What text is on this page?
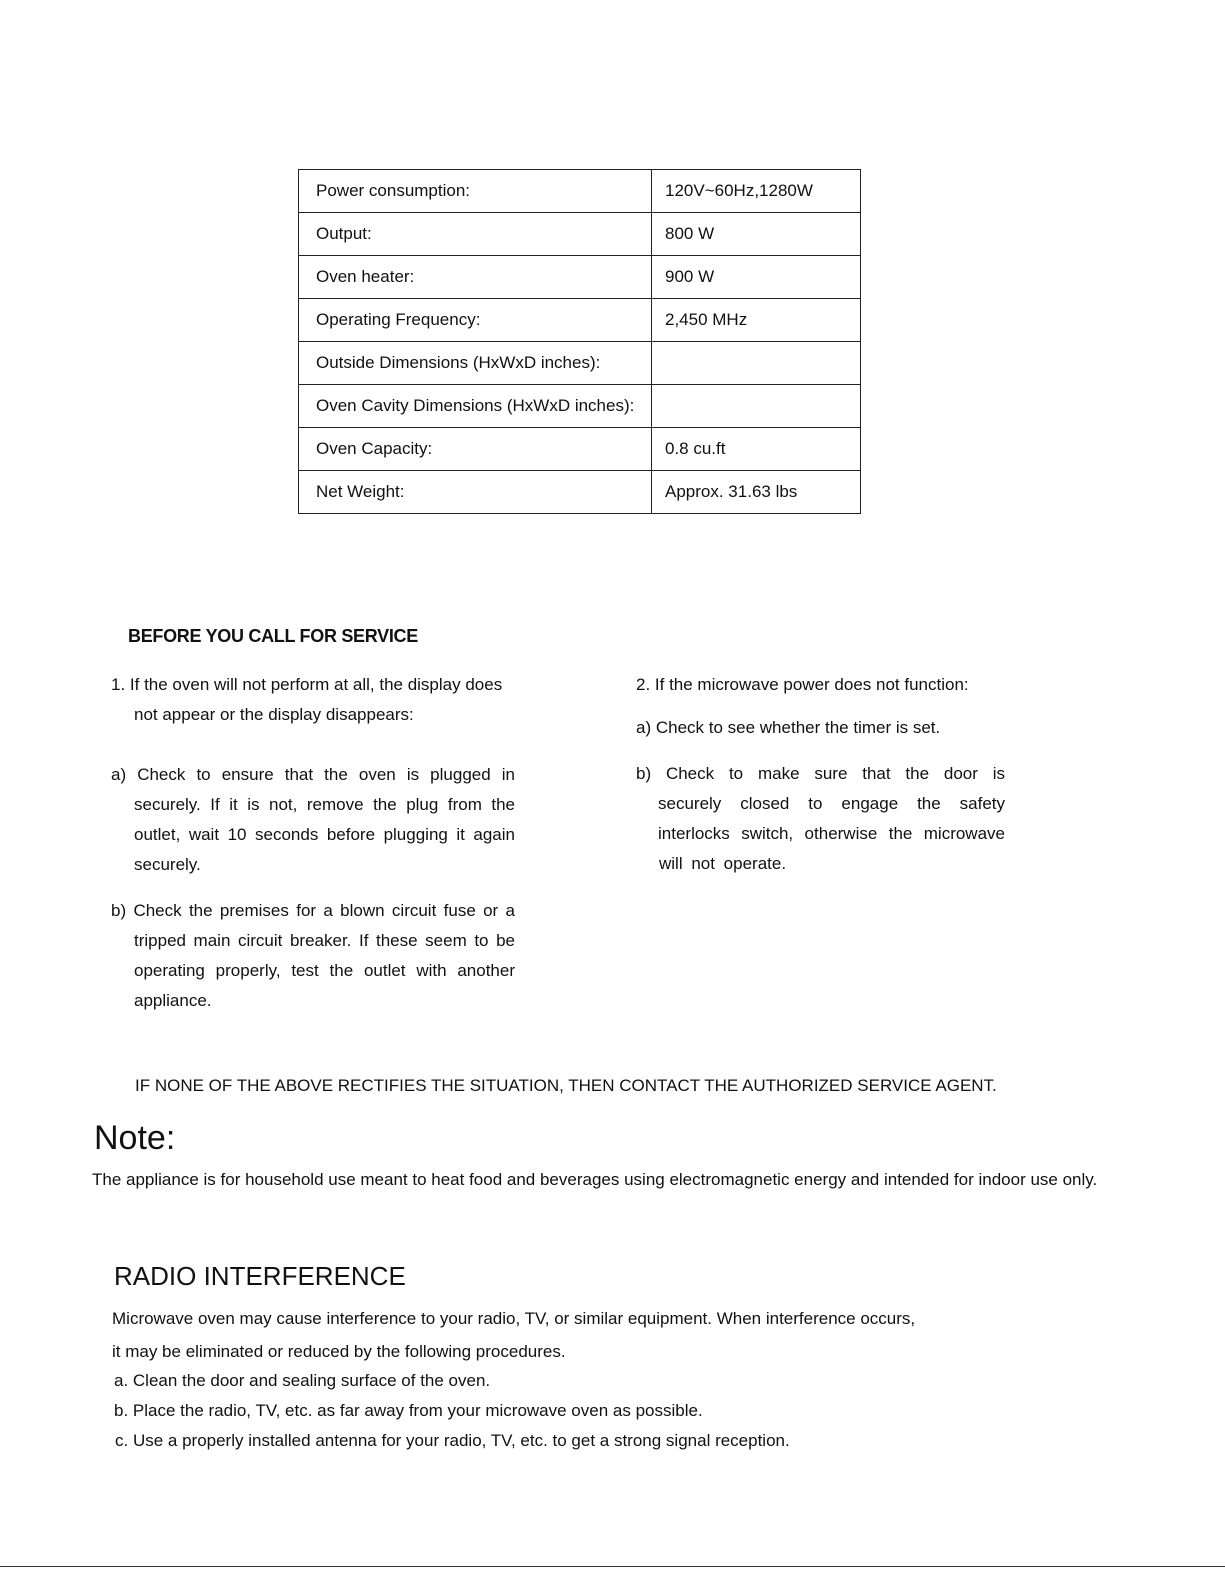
Power consumption:	120V~60Hz,1280W
Output:	800 W
Oven heater:	900 W
Operating Frequency:	2,450 MHz
Outside Dimensions (HxWxD inches):	
Oven Cavity Dimensions (HxWxD inches):	
Oven Capacity:	0.8 cu.ft
Net Weight:	Approx. 31.63 lbs
BEFORE YOU CALL FOR SERVICE
1. If the oven will not perform at all, the display does
not appear or the display disappears:
a) Check to ensure that the oven is plugged in
securely. If it is not, remove the plug from the
outlet, wait 10 seconds before plugging it again
securely.
b) Check the premises for a blown circuit fuse or a
tripped main circuit breaker. If these seem to be
operating properly, test the outlet with another
appliance.
2. If the microwave power does not function:
a) Check to see whether the timer is set.
b) Check to make sure that the door is
securely closed to engage the safety
interlocks switch, otherwise the microwave
will not operate.
IF NONE OF THE ABOVE RECTIFIES THE SITUATION, THEN CONTACT THE AUTHORIZED SERVICE AGENT.
Note:
The appliance is for household use meant to heat food and beverages using electromagnetic energy and intended for indoor use only.
RADIO INTERFERENCE
Microwave oven may cause interference to your radio, TV, or similar equipment. When interference occurs,
it may be eliminated or reduced by the following procedures.
a. Clean the door and sealing surface of the oven.
b. Place the radio, TV, etc. as far away from your microwave oven as possible.
c. Use a properly installed antenna for your radio, TV, etc. to get a strong signal reception.
